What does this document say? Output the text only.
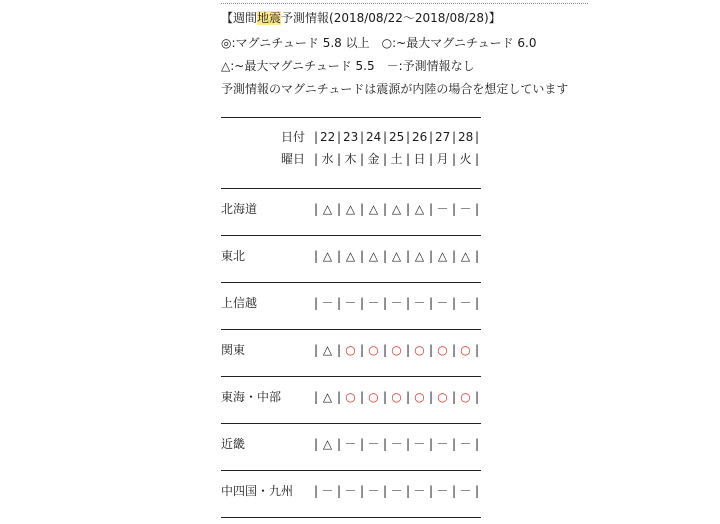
【週間地震予測情報(2018/08/22～2018/08/28)】
◎:マグニチュード 5.8 以上　○:~最大マグニチュード 6.0
△:~最大マグニチュード 5.5　－:予測情報なし
予測情報のマグニチュードは震源が内陸の場合を想定しています
日付 | 22 | 23 | 24 | 25 | 26 | 27 | 28 |
曜日 | 水 | 木 | 金 | 土 | 日 | 月 | 火 |
北海道	| △ | △ | △ | △ | △ | － | － |
東北	| △ | △ | △ | △ | △ | △ | △ |
上信越	| － | － | － | － | － | － | － |
関東	| △ | ○ | ○ | ○ | ○ | ○ | ○ |
東海・中部	| △ | ○ | ○ | ○ | ○ | ○ | ○ |
近畿	| △ | － | － | － | － | － | － |
中四国・九州 | － | － | － | － | － | － | － |
